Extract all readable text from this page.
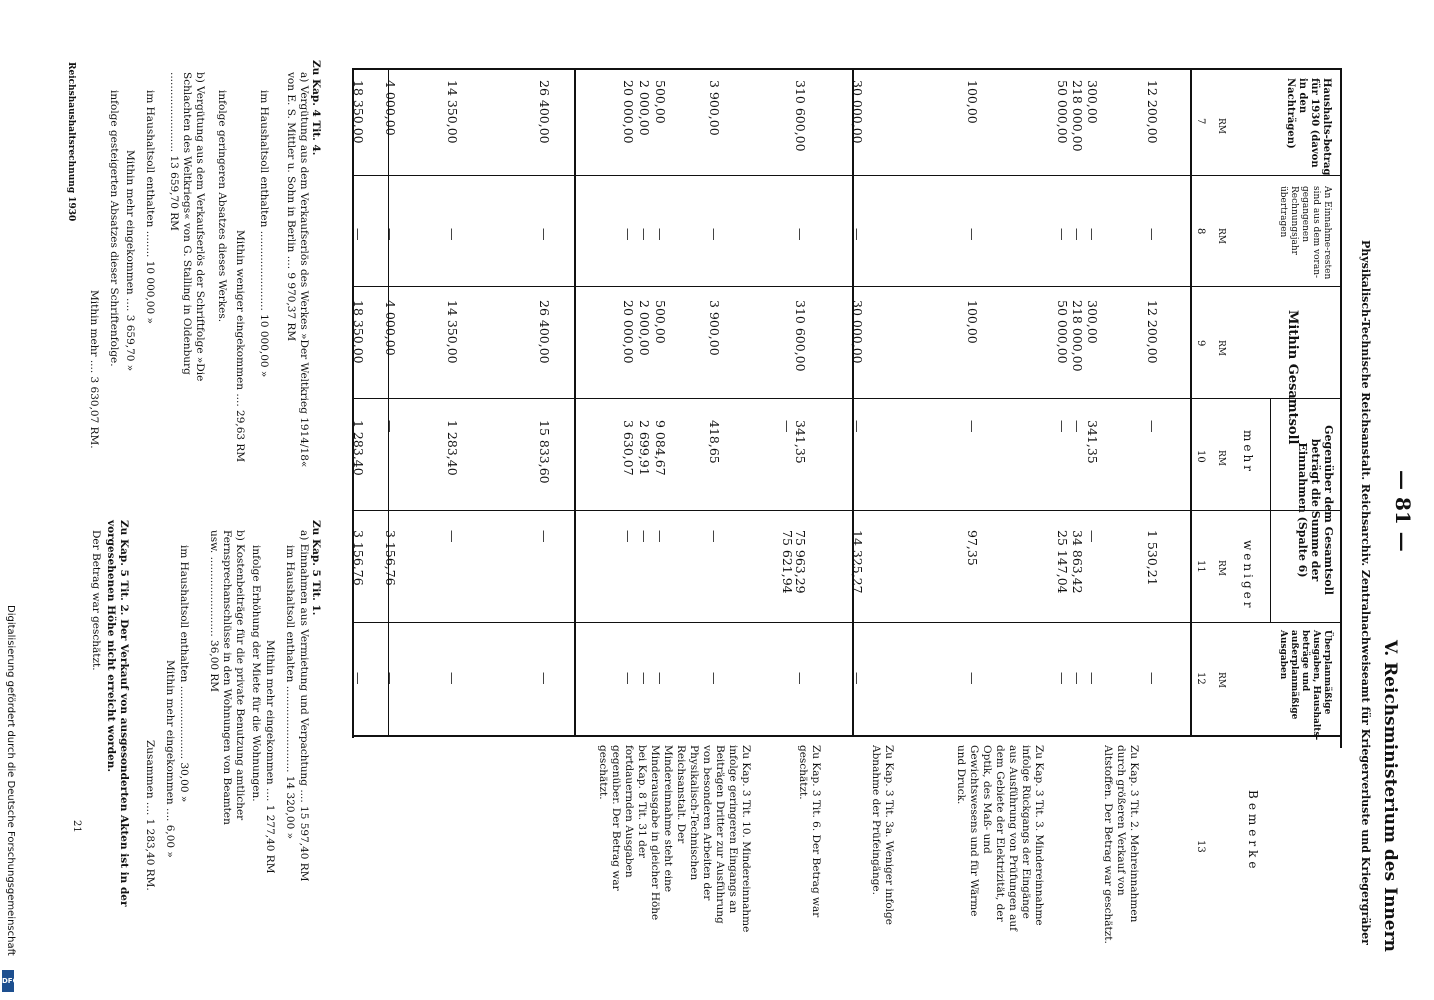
— 81 —
V. Reichsministerium des Innern
Physikalisch-Technische Reichsanstalt. Reichsarchiv. Zentralnachweiseamt für Kriegerverluste und Kriegergräber
Haushalts-betrag für 1930 (davon in den Nachträgen)
An Einnahme-resten sind aus dem voran-gegangenen Rechnungsjahr übertragen
Mithin Gesamtsoll
Gegenüber dem Gesamtsoll beträgt die Summe der Einnahmen (Spalte 6)
mehr
weniger
Überplanmäßige Ausgaben, Haushalts-beträge und außerplanmäßige Ausgaben
Bemerke
7
8
9
10
11
12
13
RM
RM
RM
RM
RM
RM
12 200,00
—
12 200,00
—
1 530,21
—
300,00
—
300,00
341,35
—
—
218 000,00
—
218 000,00
—
34 863,42
—
50 000,00
—
50 000,00
—
25 147,04
—
100,00
—
100,00
—
97,35
—
30 000,00
—
30 000,00
—
14 325,27
—
310 600,00
—
310 600,00
341,35
75 963,29
—
—
75 621,94
3 900,00
—
3 900,00
418,65
—
—
500,00
—
500,00
9 084,67
—
—
2 000,00
—
2 000,00
2 699,91
—
—
20 000,00
—
20 000,00
3 630,07
—
—
26 400,00
—
26 400,00
15 833,60
—
—
14 350,00
—
14 350,00
1 283,40
—
—
4 000,00
—
4 000,00
—
3 156,76
—
18 350,00
—
18 350,00
1 283,40
3 156,76
—
Zu Kap. 3 Tit. 2. Mehreinnahmen durch größeren Verkauf von Altstoffen. Der Betrag war geschätzt.
Zu Kap. 3 Tit. 3. Mindereinnahme infolge Rückgangs der Eingänge aus Ausführung von Prüfungen auf dem Gebiete der Elektrizität, der Optik, des Maß- und Gewichtswesens und für Wärme und Druck.
Zu Kap. 3 Tit. 3a. Weniger infolge Abnahme der Prüfeingänge.
Zu Kap. 3 Tit. 6. Der Betrag war geschätzt.
Zu Kap. 3 Tit. 10. Mindereinnahme infolge geringeren Eingangs an Beiträgen Dritter zur Ausführung von besonderen Arbeiten der Physikalisch-Technischen Reichsanstalt. Der Mindereinnahme steht eine Minderausgabe in gleicher Höhe bei Kap. 8 Tit. 31 der fortdauernden Ausgaben gegenüber. Der Betrag war geschätzt.
Zu Kap. 5 Tit. 1.
a) Einnahmen aus Vermietung und Verpachtung .... 15 597,40 RM
im Haushaltsoll enthalten .......................... 14 320,00 »
Mithin mehr eingekommen .... 1 277,40 RM
infolge Erhöhung der Miete für die Wohnungen.
b) Kostenbeiträge für die private Benutzung amtlicher Fernsprechanschlüsse in den Wohnungen von Beamten usw. ........................ 36,00 RM
im Haushaltsoll enthalten ...................... 30,00 »
Mithin mehr eingekommen .... 6,00 »
Zusammen .... 1 283,40 RM.
Zu Kap. 5 Tit. 2. Der Verkauf von ausgesonderten Akten ist in der vorgesehenen Höhe nicht erreicht worden.
Der Betrag war geschätzt.
Zu Kap. 4 Tit. 4.
a) Vergütung aus dem Verkaufserlös des Werkes »Der Weltkrieg 1914/18« von E. S. Mittler u. Sohn in Berlin .... 9 970,37 RM
im Haushaltsoll enthalten ........................ 10 000,00 »
Mithin weniger eingekommen .... 29,63 RM
infolge geringeren Absatzes dieses Werkes.
b) Vergütung aus dem Verkaufserlös der Schriftfolge »Die Schlachten des Weltkriegs« von G. Stalling in Oldenburg ........................ 13 659,70 RM
im Haushaltsoll enthalten ........ 10 000,00 »
Mithin mehr eingekommen .... 3 659,70 »
infolge gesteigerten Absatzes dieser Schriftenfolge.
Mithin mehr .... 3 630,07 RM.
Reichshaushaltsrechnung 1930
21
Digitalisierung gefördert durch die Deutsche Forschungsgemeinschaft
DFG
